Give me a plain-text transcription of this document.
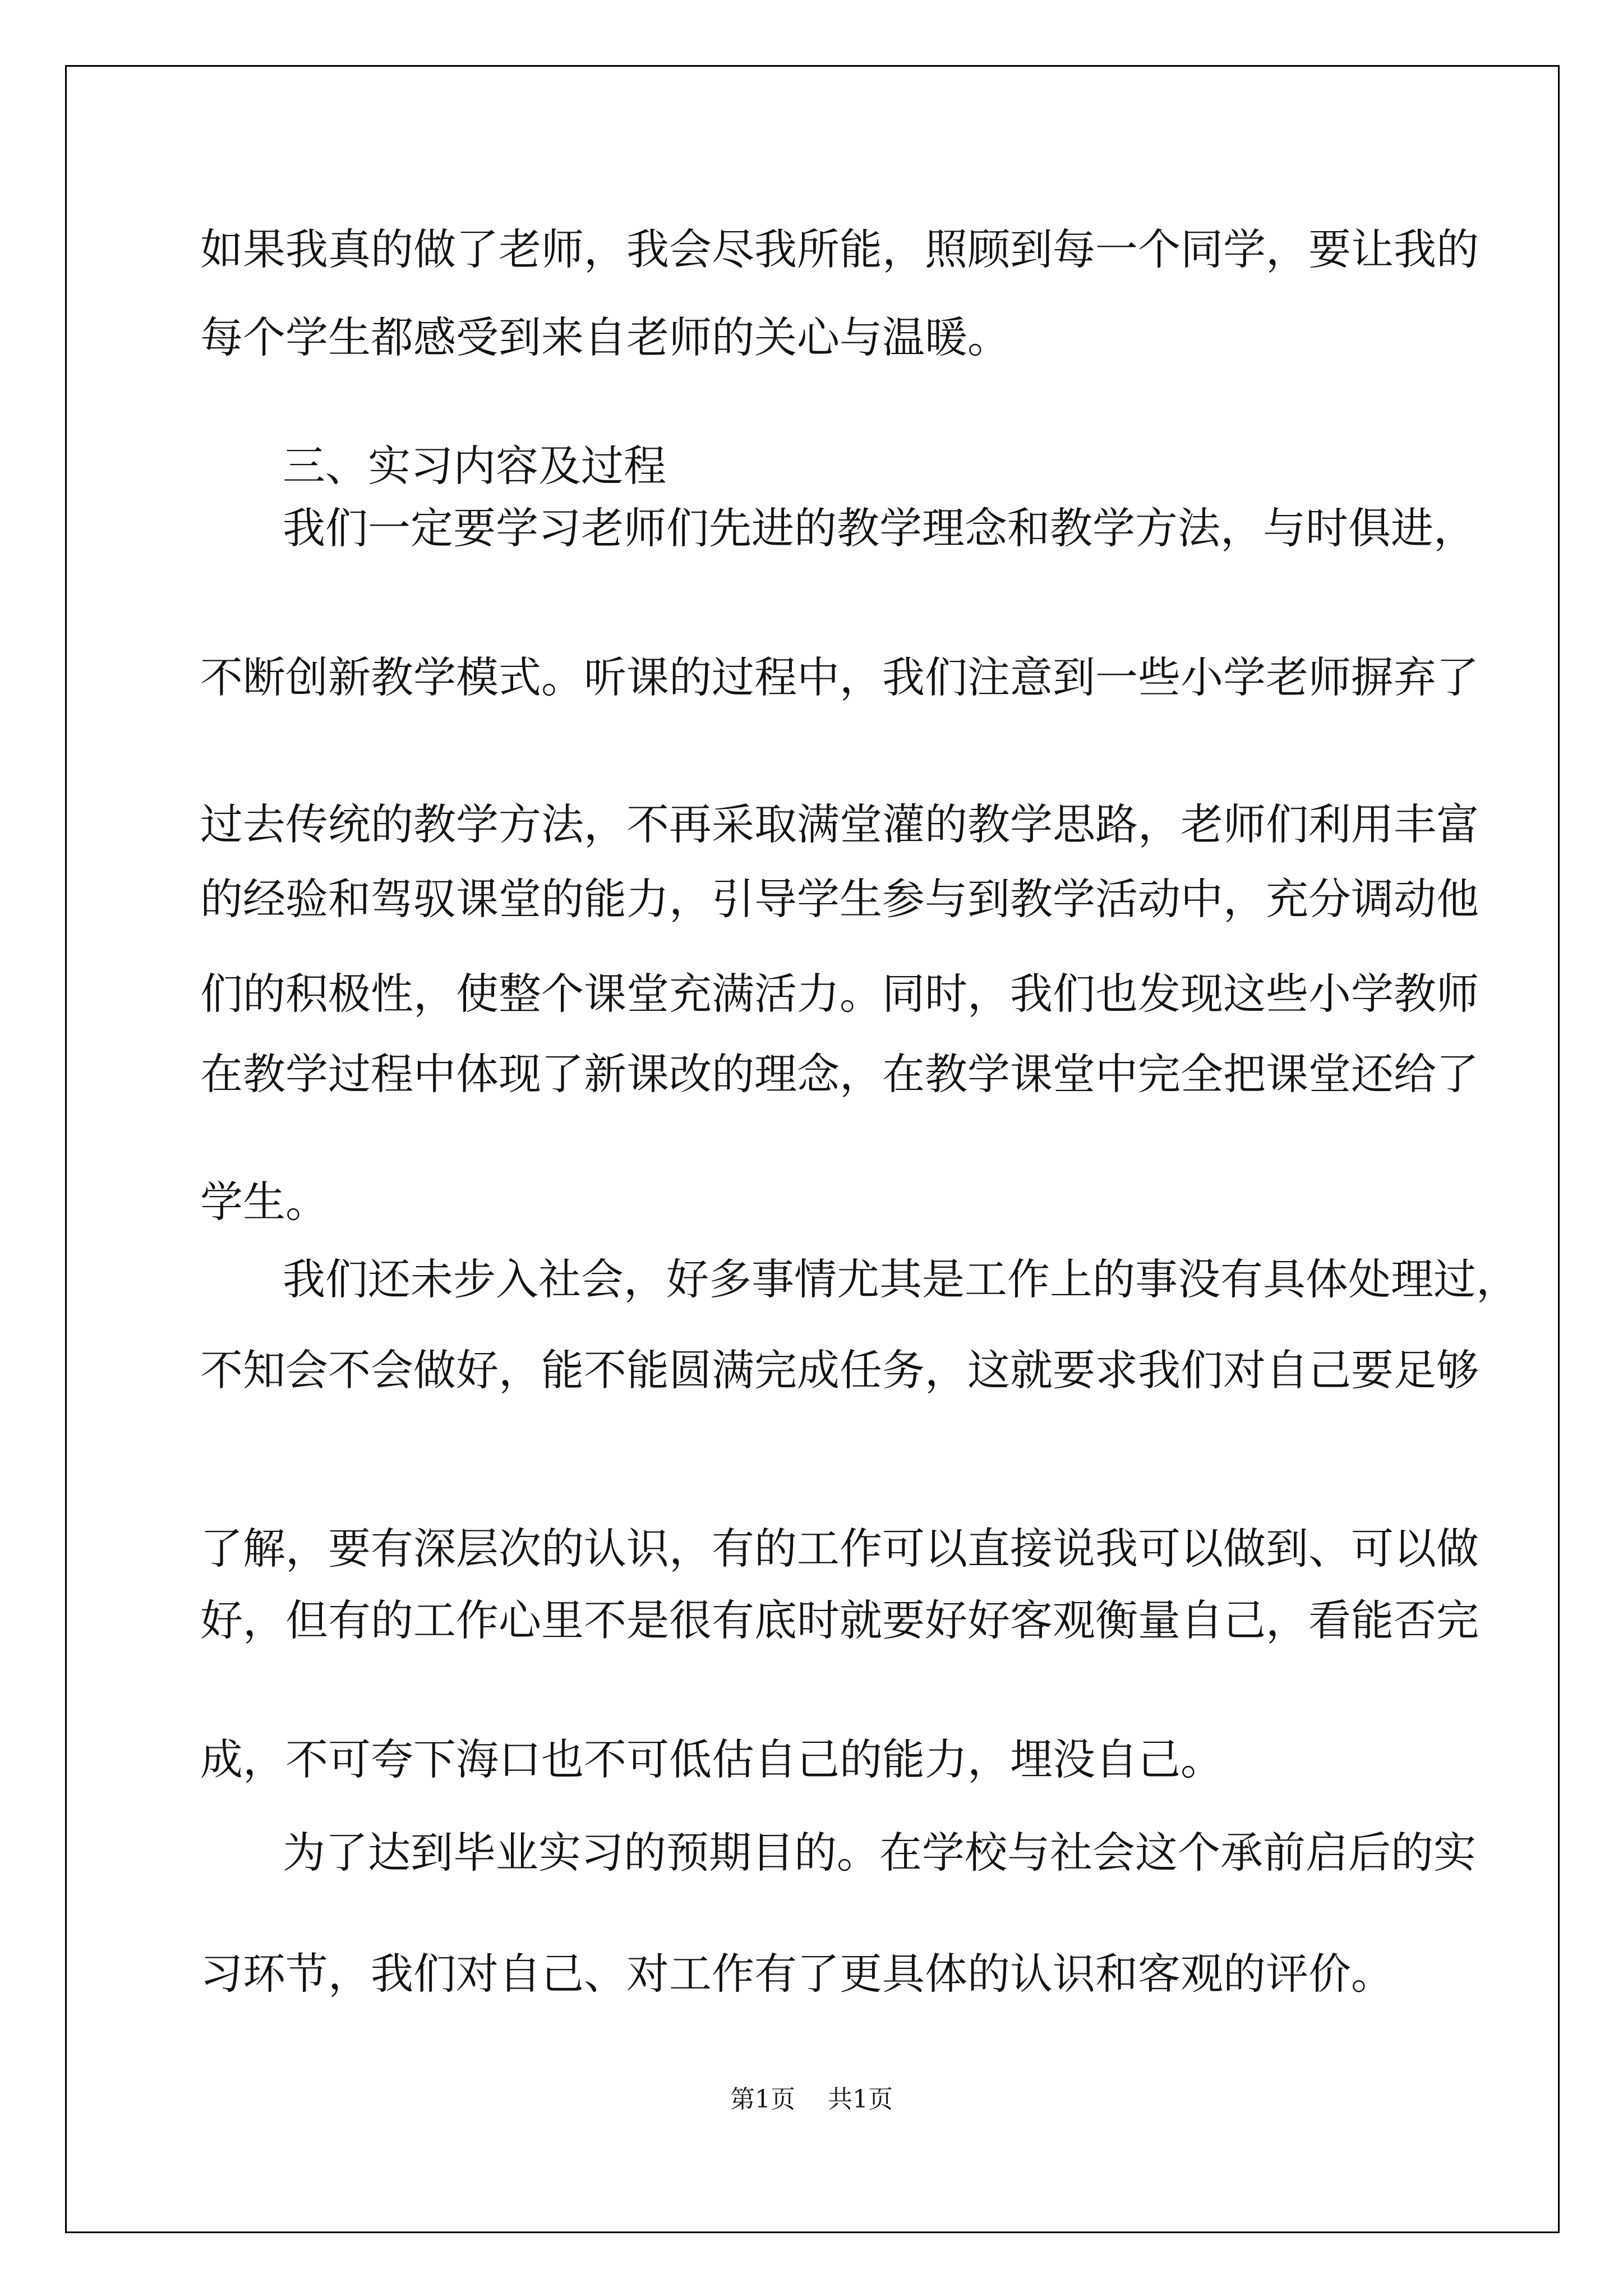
如果我真的做了老师，我会尽我所能，照顾到每一个同学，要让我的
每个学生都感受到来自老师的关心与温暖。
三、实习内容及过程
我们一定要学习老师们先进的教学理念和教学方法，与时俱进，
不断创新教学模式。听课的过程中，我们注意到一些小学老师摒弃了
过去传统的教学方法，不再采取满堂灌的教学思路，老师们利用丰富
的经验和驾驭课堂的能力，引导学生参与到教学活动中，充分调动他
们的积极性，使整个课堂充满活力。同时，我们也发现这些小学教师
在教学过程中体现了新课改的理念，在教学课堂中完全把课堂还给了
学生。
我们还未步入社会，好多事情尤其是工作上的事没有具体处理过，
不知会不会做好，能不能圆满完成任务，这就要求我们对自己要足够
了解，要有深层次的认识，有的工作可以直接说我可以做到、可以做
好，但有的工作心里不是很有底时就要好好客观衡量自己，看能否完
成，不可夸下海口也不可低估自己的能力，埋没自己。
为了达到毕业实习的预期目的。在学校与社会这个承前启后的实
习环节，我们对自己、对工作有了更具体的认识和客观的评价。
第1页 共1页
